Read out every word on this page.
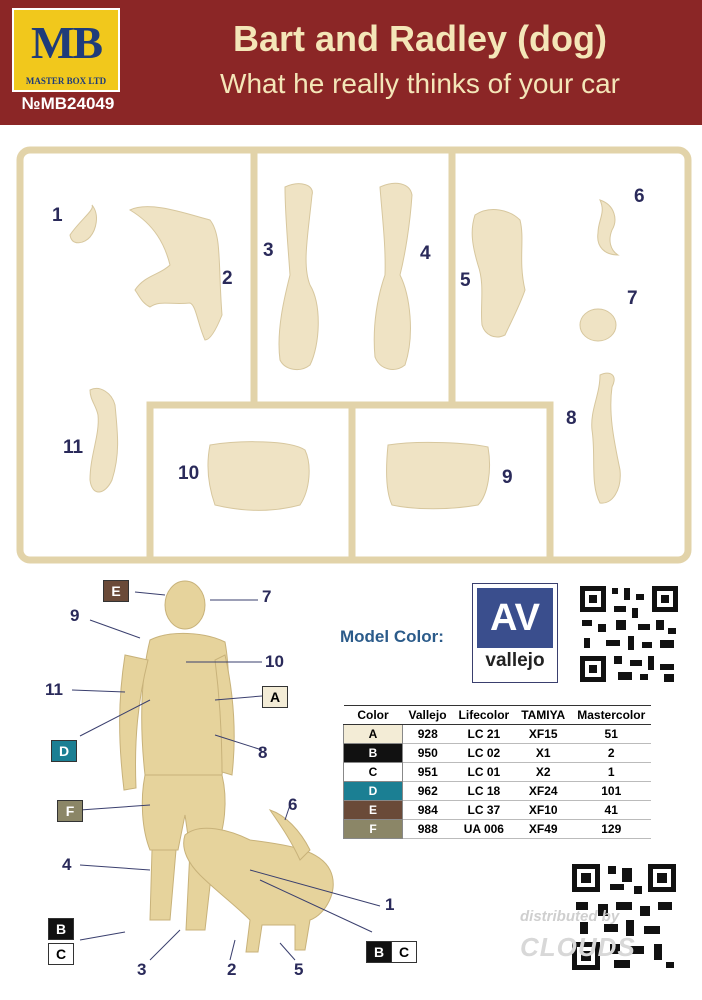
MB
MASTER BOX LTD
№MB24049
Bart and Radley (dog)
What he really thinks of your car
1
2
3	4
5
6
7
8
9
10
11
E
A
D
F
B
C	B	C
7
9
10
11
8
6
4
1
3	2	5
Model Color:	AV
vallejo
Color	Vallejo	Lifecolor	TAMIYA	Mastercolor
A	928	LC 21	XF15	51
B	950	LC 02	X1	2
C	951	LC 01	X2	1
D	962	LC 18	XF24	101
E	984	LC 37	XF10	41
F	988	UA 006	XF49	129
distributed by
CLOUDS
